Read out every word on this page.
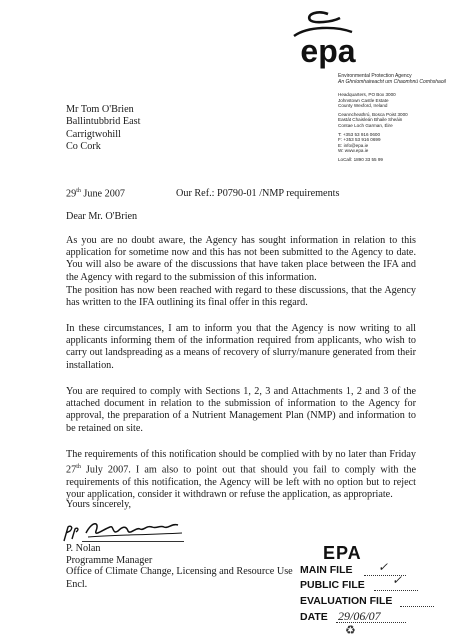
epa
Environmental Protection Agency
An Ghníomhaireacht um Chaomhnú Comhshaoil
Mr Tom O'Brien
Ballintubbrid East
Carrigtwohill
Co Cork
Headquarters, PO Box 3000
Johnstown Castle Estate
County Wexford, Ireland
Ceanncheathrú, Bosca Poist 3000
Eastát Chaisleán Bhaile Sheáin
Contae Loch Garman, Éire
T: +353 53 916 0600
F: +353 53 916 0699
E: info@epa.ie
W: www.epa.ie
LoCall: 1890 33 55 99
29th June 2007	Our Ref.: P0790-01 /NMP requirements
Dear Mr. O'Brien
As you are no doubt aware, the Agency has sought information in relation to this application for sometime now and this has not been submitted to the Agency to date. You will also be aware of the discussions that have taken place between the IFA and the Agency with regard to the submission of this information.
The position has now been reached with regard to these discussions, that the Agency has written to the IFA outlining its final offer in this regard.
In these circumstances, I am to inform you that the Agency is now writing to all applicants informing them of the information required from applicants, who wish to carry out landspreading as a means of recovery of slurry/manure generated from their installation.
You are required to comply with Sections 1, 2, 3 and Attachments 1, 2 and 3 of the attached document in relation to the submission of information to the Agency for approval, the preparation of a Nutrient Management Plan (NMP) and information to be retained on site.
The requirements of this notification should be complied with by no later than Friday 27th July 2007. I am also to point out that should you fail to comply with the requirements of this notification, the Agency will be left with no option but to reject your application, consider it withdrawn or refuse the application, as appropriate.
Yours sincerely,
P. Nolan
Programme Manager
Office of Climate Change, Licensing and Resource Use
Encl.
EPA
MAIN FILE ✓
PUBLIC FILE ✓
EVALUATION FILE
DATE 29/06/07
♻
